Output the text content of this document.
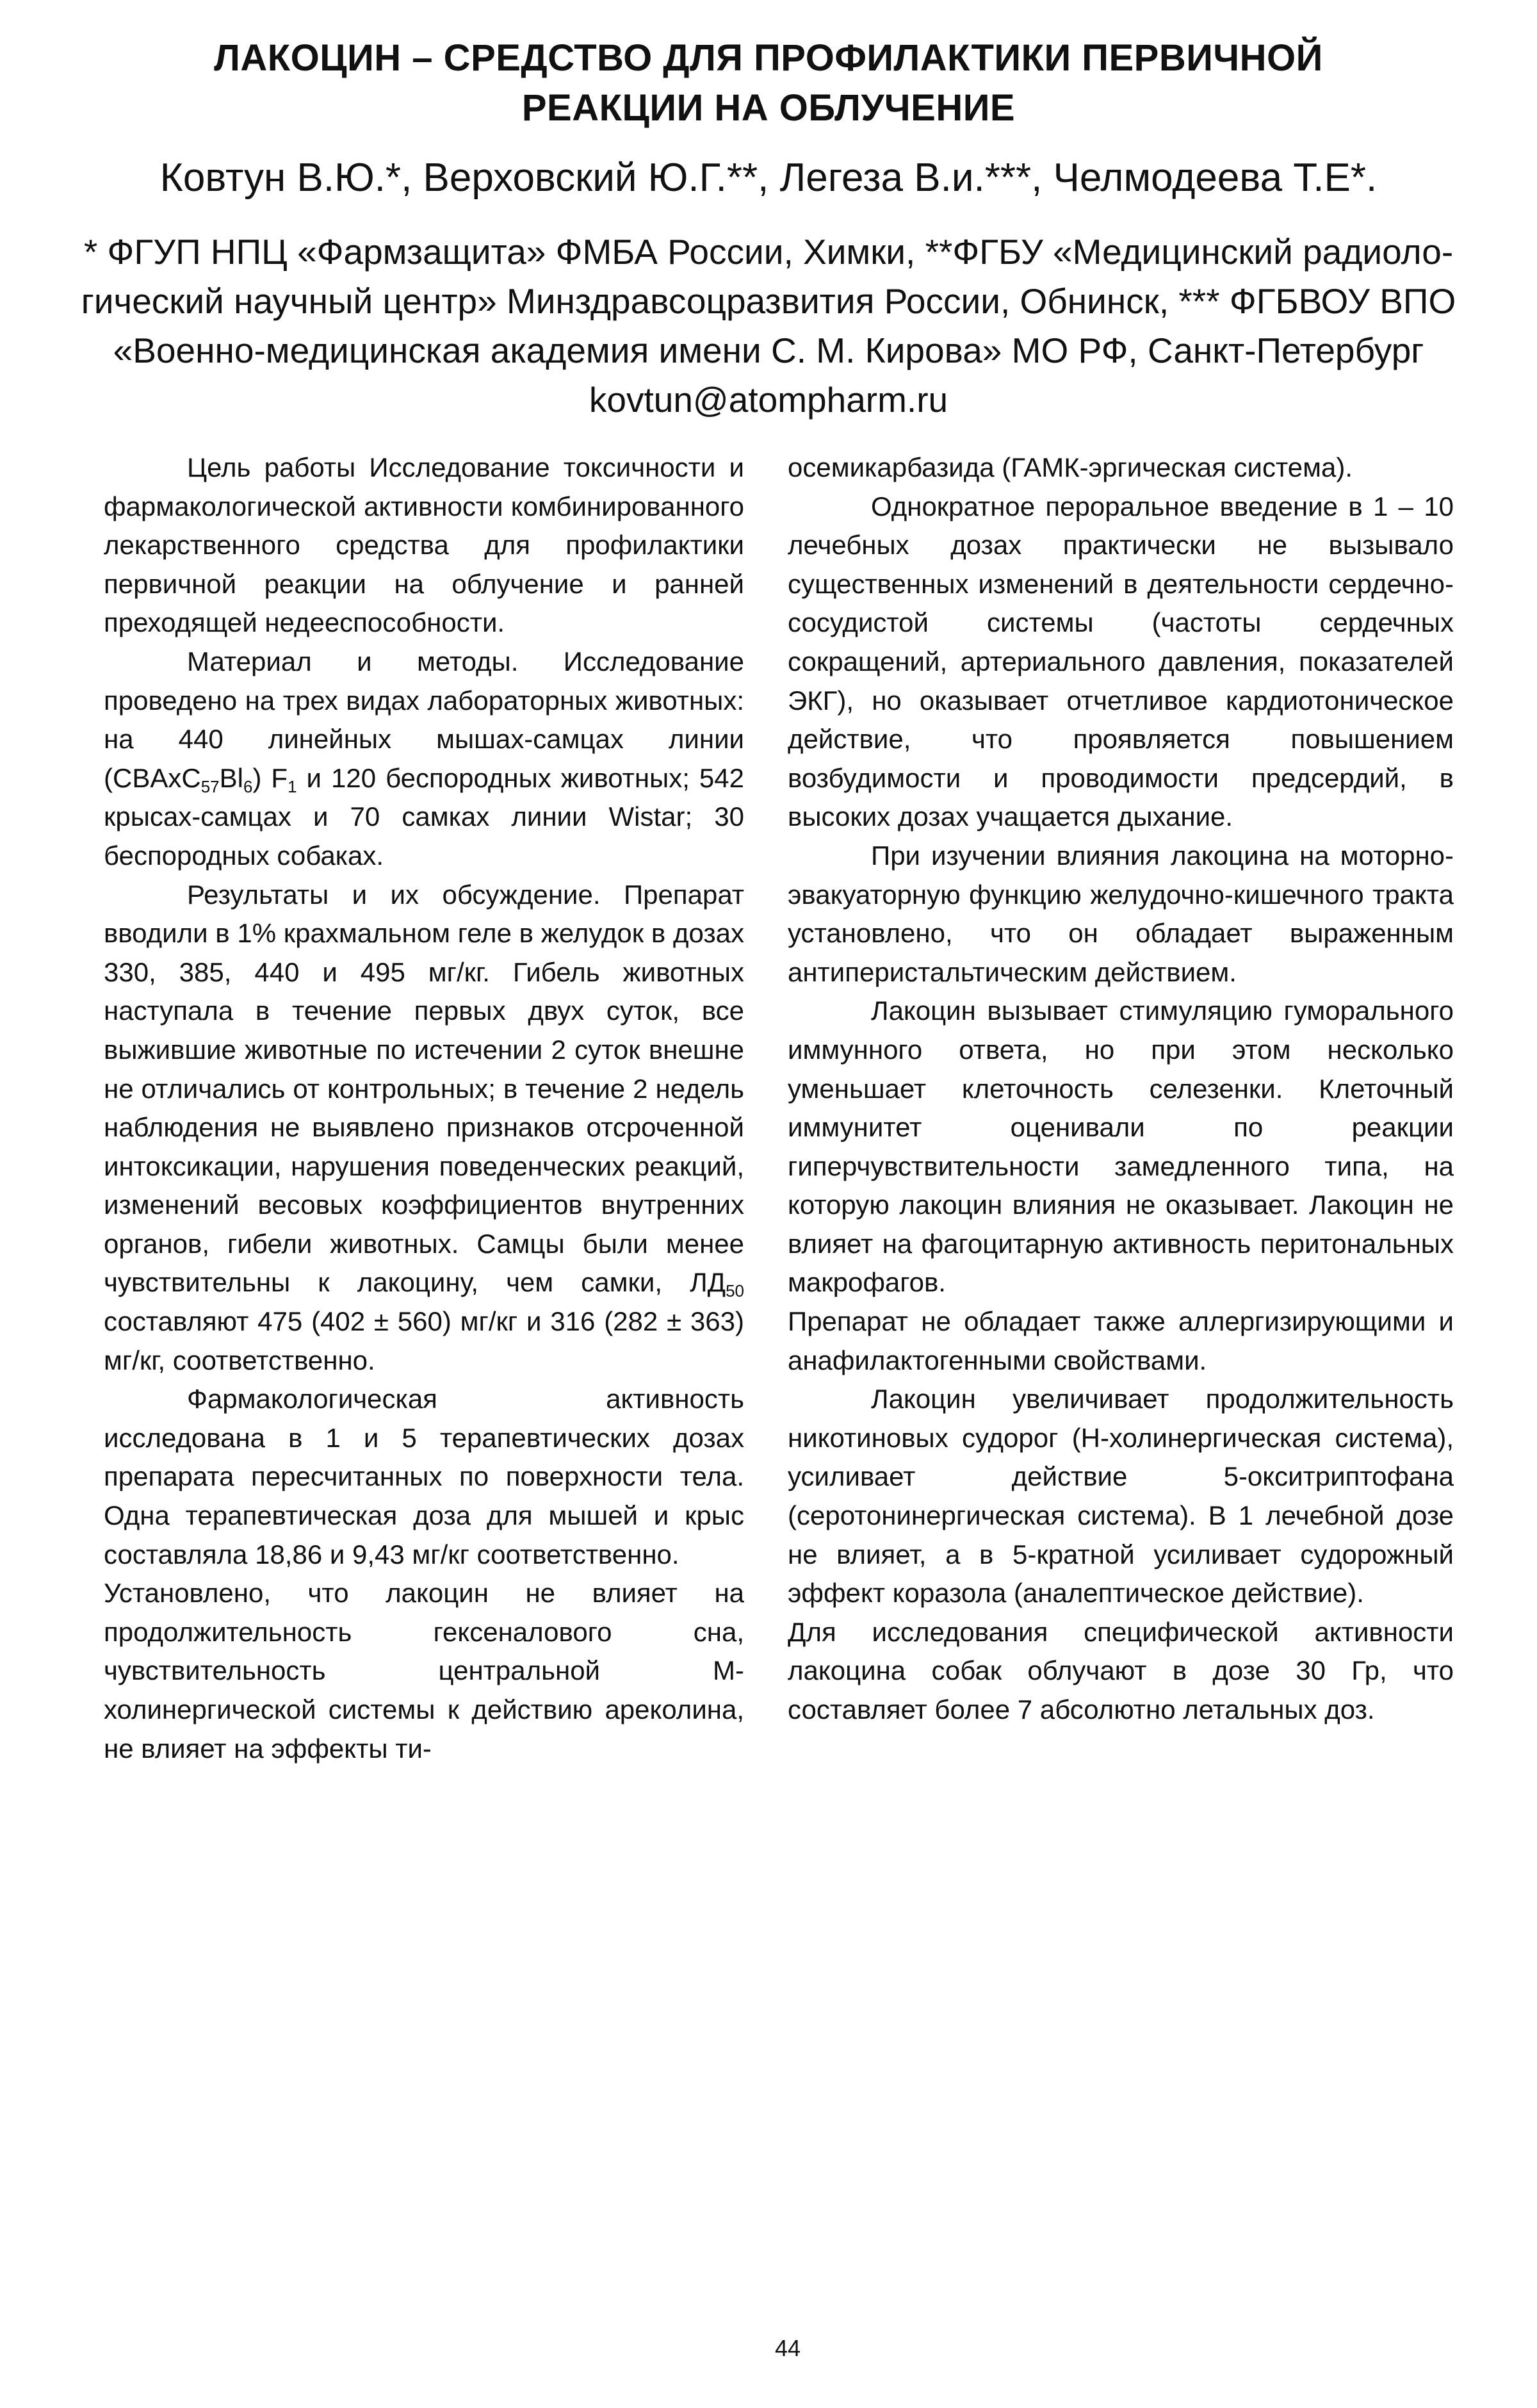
ЛАКОЦИН – СРЕДСТВО ДЛЯ ПРОФИЛАКТИКИ ПЕРВИЧНОЙ
РЕАКЦИИ НА ОБЛУЧЕНИЕ

Ковтун В.Ю.*, Верховский Ю.Г.**, Легеза В.и.***, Челмодеева Т.Е*.

* ФГУП НПЦ «Фармзащита» ФМБА России, Химки, **ФГБУ «Медицинский радиоло-
гический научный центр» Минздравсоцразвития России, Обнинск, *** ФГБВОУ ВПО
«Военно-медицинская академия имени С. М. Кирова» МО РФ, Санкт-Петербург
kovtun@atompharm.ru

Цель работы Исследование токсичности и фармакологической активности комбинированного лекарственного средства для профилактики первичной реакции на облучение и ранней преходящей недееспособности.

Материал и методы. Исследование проведено на трех видах лабораторных животных: на 440 линейных мышах-самцах линии $(CBAxC_{57}Bl_6)$ $F_1$ и 120 беспородных животных; 542 крысах-самцах и 70 самках линии Wistar; 30 беспородных собаках.

Результаты и их обсуждение. Препарат вводили в 1% крахмальном геле в желудок в дозах 330, 385, 440 и 495 мг/кг. Гибель животных наступала в течение первых двух суток, все выжившие животные по истечении 2 суток внешне не отличались от контрольных; в течение 2 недель наблюдения не выявлено признаков отсроченной интоксикации, нарушения поведенческих реакций, изменений весовых коэффициентов внутренних органов, гибели животных. Самцы были менее чувствительны к лакоцину, чем самки, $ЛД_{50}$ составляют 475 (402 ± 560) мг/кг и 316 (282 ± 363) мг/кг, соответственно.

Фармакологическая активность исследована в 1 и 5 терапевтических дозах препарата пересчитанных по поверхности тела. Одна терапевтическая доза для мышей и крыс составляла 18,86 и 9,43 мг/кг соответственно.

Установлено, что лакоцин не влияет на продолжительность гексеналового сна, чувствительность центральной М-холинергической системы к действию ареколина, не влияет на эффекты ти-

осемикарбазида (ГАМК-эргическая система).

Однократное пероральное введение в 1 – 10 лечебных дозах практически не вызывало существенных изменений в деятельности сердечно-сосудистой системы (частоты сердечных сокращений, артериального давления, показателей ЭКГ), но оказывает отчетливое кардиотоническое действие, что проявляется повышением возбудимости и проводимости предсердий, в высоких дозах учащается дыхание.

При изучении влияния лакоцина на моторно-эвакуаторную функцию желудочно-кишечного тракта установлено, что он обладает выраженным антиперистальтическим действием.

Лакоцин вызывает стимуляцию гуморального иммунного ответа, но при этом несколько уменьшает клеточность селезенки. Клеточный иммунитет оценивали по реакции гиперчувствительности замедленного типа, на которую лакоцин влияния не оказывает. Лакоцин не влияет на фагоцитарную активность перитональных макрофагов.

Препарат не обладает также аллергизирующими и анафилактогенными свойствами.

Лакоцин увеличивает продолжительность никотиновых судорог (Н-холинергическая система), усиливает действие 5-окситриптофана (серотонинергическая система). В 1 лечебной дозе не влияет, а в 5-кратной усиливает судорожный эффект коразола (аналептическое действие).

Для исследования специфической активности лакоцина собак облучают в дозе 30 Гр, что составляет более 7 абсолютно летальных доз.

44
